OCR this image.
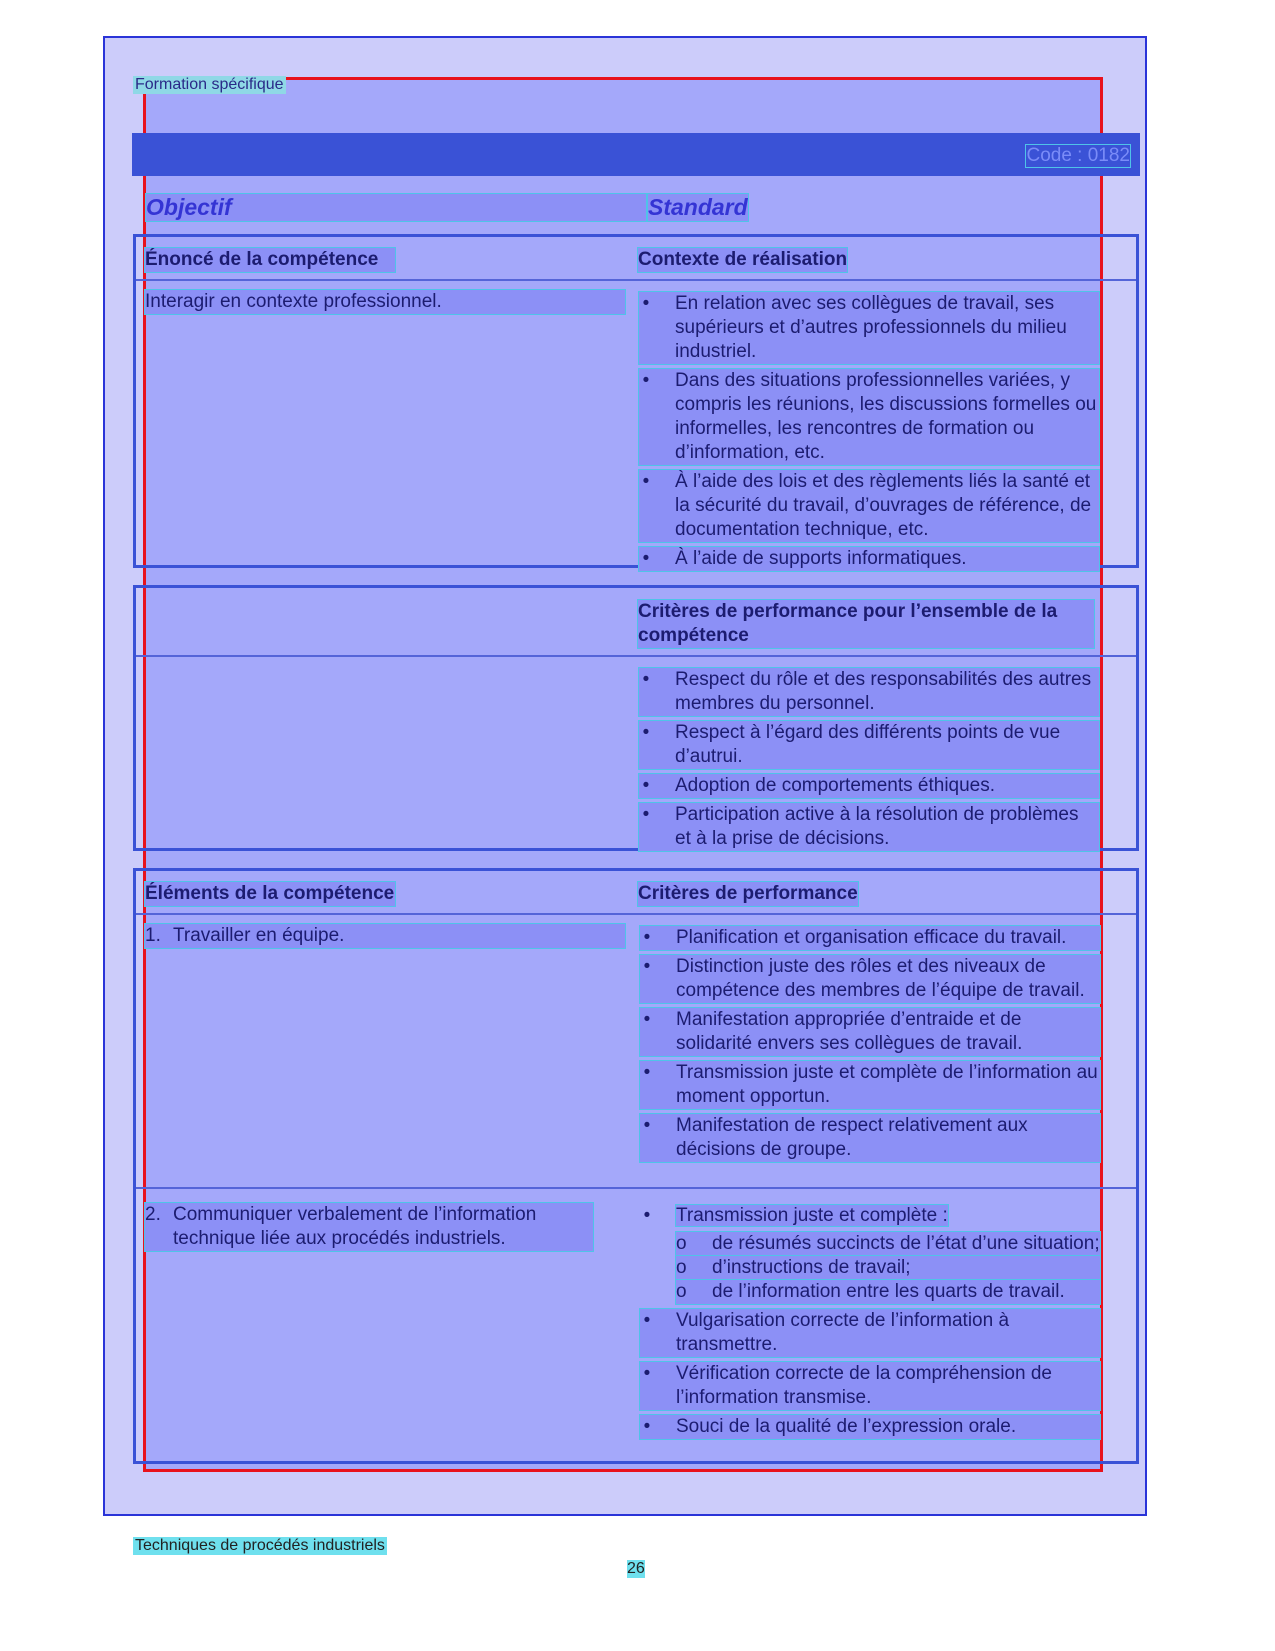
Formation spécifique
Code : 0182
Objectif	Standard
Énoncé de la compétence	Contexte de réalisation
Interagir en contexte professionnel.	• En relation avec ses collègues de travail, ses supérieurs et d’autres professionnels du milieu industriel.
• Dans des situations professionnelles variées, y compris les réunions, les discussions formelles ou informelles, les rencontres de formation ou d’information, etc.
• À l’aide des lois et des règlements liés la santé et la sécurité du travail, d’ouvrages de référence, de documentation technique, etc.
• À l’aide de supports informatiques.
Critères de performance pour l’ensemble de la compétence
• Respect du rôle et des responsabilités des autres membres du personnel.
• Respect à l’égard des différents points de vue d’autrui.
• Adoption de comportements éthiques.
• Participation active à la résolution de problèmes et à la prise de décisions.
Éléments de la compétence	Critères de performance
1. Travailler en équipe.	• Planification et organisation efficace du travail.
• Distinction juste des rôles et des niveaux de compétence des membres de l’équipe de travail.
• Manifestation appropriée d’entraide et de solidarité envers ses collègues de travail.
• Transmission juste et complète de l’information au moment opportun.
• Manifestation de respect relativement aux décisions de groupe.
2. Communiquer verbalement de l’information technique liée aux procédés industriels.
• Transmission juste et complète :
o de résumés succincts de l’état d’une situation;
o d’instructions de travail;
o de l’information entre les quarts de travail.
• Vulgarisation correcte de l’information à transmettre.
• Vérification correcte de la compréhension de l’information transmise.
• Souci de la qualité de l’expression orale.
Techniques de procédés industriels
26
